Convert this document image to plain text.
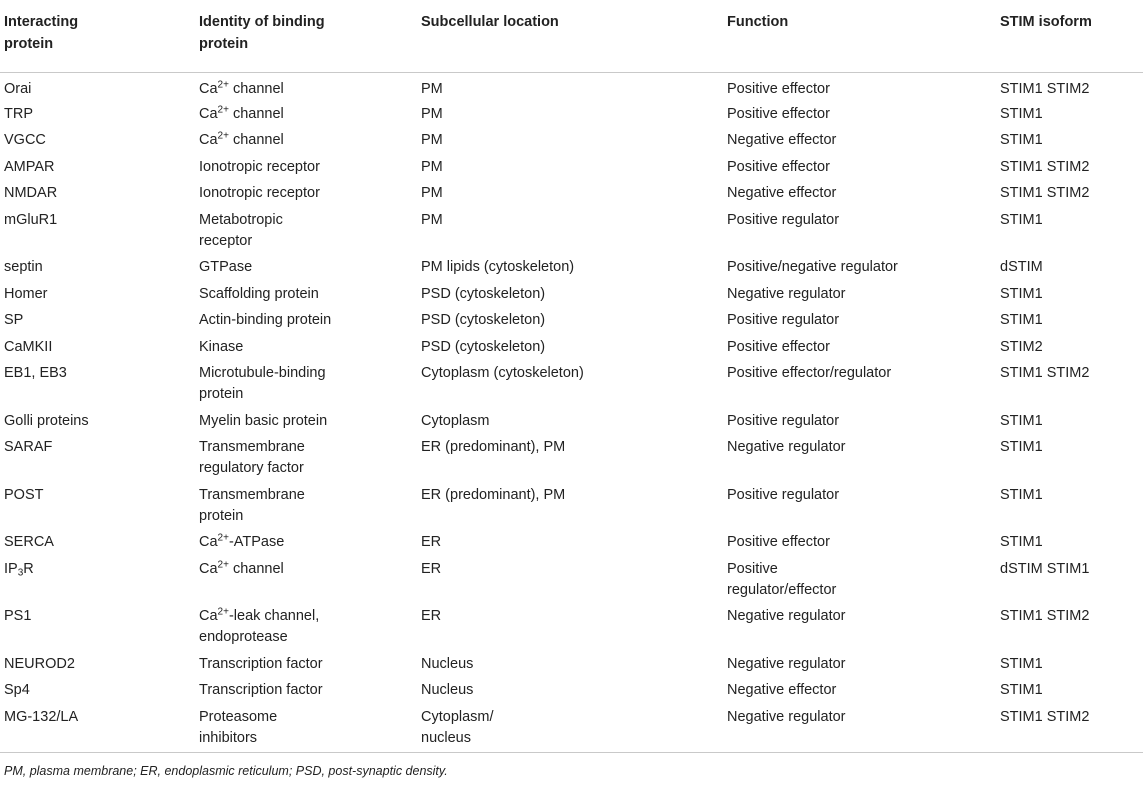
Interacting
protein	Identity of binding
protein	Subcellular location	Function	STIM isoform

Orai	$Ca^{2+}$ channel	PM	Positive effector	STIM1 STIM2

TRP	$Ca^{2+}$ channel	PM	Positive effector	STIM1

VGCC	$Ca^{2+}$ channel	PM	Negative effector	STIM1

AMPAR	Ionotropic receptor	PM	Positive effector	STIM1 STIM2

NMDAR	Ionotropic receptor	PM	Negative effector	STIM1 STIM2

mGluR1	Metabotropic
receptor	PM	Positive regulator	STIM1

septin	GTPase	PM lipids (cytoskeleton)	Positive/negative regulator	dSTIM

Homer	Scaffolding protein	PSD (cytoskeleton)	Negative regulator	STIM1

SP	Actin-binding protein	PSD (cytoskeleton)	Positive regulator	STIM1

CaMKII	Kinase	PSD (cytoskeleton)	Positive effector	STIM2

EB1, EB3	Microtubule-binding
protein	Cytoplasm (cytoskeleton)	Positive effector/regulator	STIM1 STIM2

Golli proteins	Myelin basic protein	Cytoplasm	Positive regulator	STIM1

SARAF	Transmembrane
regulatory factor	ER (predominant), PM	Negative regulator	STIM1

POST	Transmembrane
protein	ER (predominant), PM	Positive regulator	STIM1

SERCA	$Ca^{2+}$-ATPase	ER	Positive effector	STIM1

$IP_3R$	$Ca^{2+}$ channel	ER	Positive
regulator/effector	dSTIM STIM1

PS1	$Ca^{2+}$-leak channel,
endoprotease	ER	Negative regulator	STIM1 STIM2

NEUROD2	Transcription factor	Nucleus	Negative regulator	STIM1

Sp4	Transcription factor	Nucleus	Negative effector	STIM1

MG-132/LA	Proteasome
inhibitors	Cytoplasm/
nucleus	Negative regulator	STIM1 STIM2
PM, plasma membrane; ER, endoplasmic reticulum; PSD, post-synaptic density.
